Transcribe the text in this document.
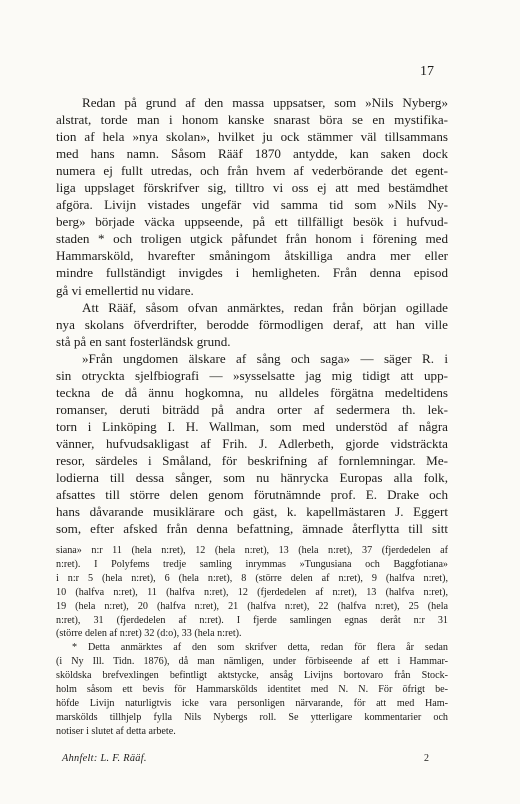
17
Redan på grund af den massa uppsatser, som »Nils Nyberg»
alstrat, torde man i honom kanske snarast böra se en mystifika-
tion af hela »nya skolan», hvilket ju ock stämmer väl tillsammans
med hans namn. Såsom Rääf 1870 antydde, kan saken dock
numera ej fullt utredas, och från hvem af vederbörande det egent-
liga uppslaget förskrifver sig, tilltro vi oss ej att med bestämdhet
afgöra. Livijn vistades ungefär vid samma tid som »Nils Ny-
berg» började väcka uppseende, på ett tillfälligt besök i hufvud-
staden * och troligen utgick påfundet från honom i förening med
Hammarsköld, hvarefter småningom åtskilliga andra mer eller
mindre fullständigt invigdes i hemligheten. Från denna episod
gå vi emellertid nu vidare.
Att Rääf, såsom ofvan anmärktes, redan från början ogillade
nya skolans öfverdrifter, berodde förmodligen deraf, att han ville
stå på en sant fosterländsk grund.
»Från ungdomen älskare af sång och saga» — säger R. i
sin otryckta sjelfbiografi — »sysselsatte jag mig tidigt att upp-
teckna de då ännu hogkomna, nu alldeles förgätna medeltidens
romanser, deruti biträdd på andra orter af sedermera th. lek-
torn i Linköping I. H. Wallman, som med understöd af några
vänner, hufvudsakligast af Frih. J. Adlerbeth, gjorde vidsträckta
resor, särdeles i Småland, för beskrifning af fornlemningar. Me-
lodierna till dessa sånger, som nu hänrycka Europas alla folk,
afsattes till större delen genom förutnämnde prof. E. Drake och
hans dåvarande musiklärare och gäst, k. kapellmästaren J. Eggert
som, efter afsked från denna befattning, ämnade återflytta till sitt
siana» n:r 11 (hela n:ret), 12 (hela n:ret), 13 (hela n:ret), 37 (fjerdedelen af
n:ret). I Polyfems tredje samling inrymmas »Tungusiana och Baggfotiana»
i n:r 5 (hela n:ret), 6 (hela n:ret), 8 (större delen af n:ret), 9 (halfva n:ret),
10 (halfva n:ret), 11 (halfva n:ret), 12 (fjerdedelen af n:ret), 13 (halfva n:ret),
19 (hela n:ret), 20 (halfva n:ret), 21 (halfva n:ret), 22 (halfva n:ret), 25 (hela
n:ret), 31 (fjerdedelen af n:ret). I fjerde samlingen egnas deråt n:r 31
(större delen af n:ret) 32 (d:o), 33 (hela n:ret).
* Detta anmärktes af den som skrifver detta, redan för flera år sedan
(i Ny Ill. Tidn. 1876), då man nämligen, under förbiseende af ett i Hammar-
sköldska brefvexlingen befintligt aktstycke, ansåg Livijns bortovaro från Stock-
holm såsom ett bevis för Hammarskölds identitet med N. N. För öfrigt be-
höfde Livijn naturligtvis icke vara personligen närvarande, för att med Ham-
marskölds tillhjelp fylla Nils Nybergs roll. Se ytterligare kommentarier och
notiser i slutet af detta arbete.
Ahnfelt: L. F. Rääf.	2
